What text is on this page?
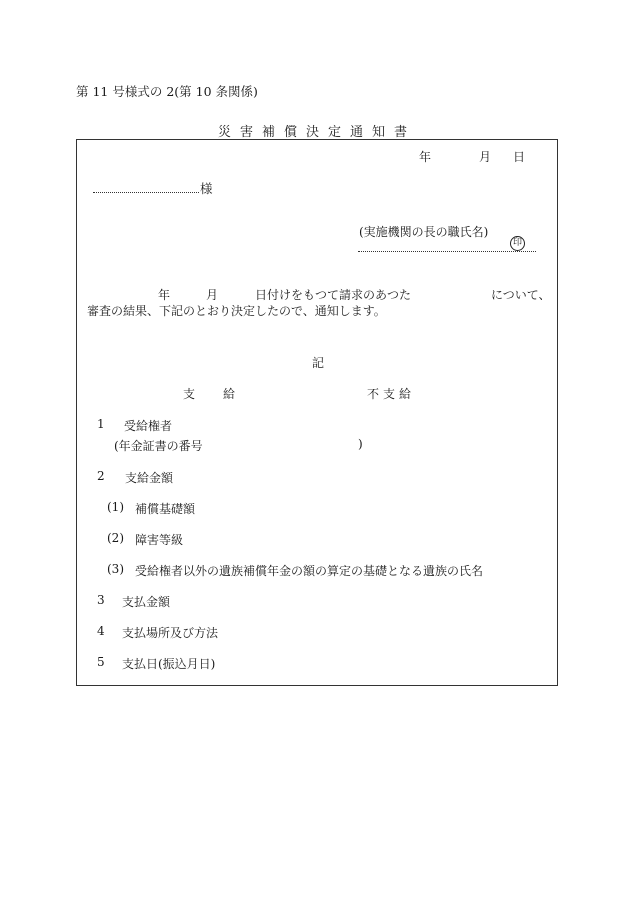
第 11 号様式の 2(第 10 条関係)
災害補償決定通知書
年	月 日
様
(実施機関の長の職氏名)
印
年	月	日付けをもつて請求のあつた	について、
審査の結果、下記のとおり決定したので、通知します。
記
支給	不支給
1 受給権者
(年金証書の番号	)
2 支給金額
(1) 補償基礎額
(2) 障害等級
(3) 受給権者以外の遺族補償年金の額の算定の基礎となる遺族の氏名
3 支払金額
4 支払場所及び方法
5 支払日(振込月日)
